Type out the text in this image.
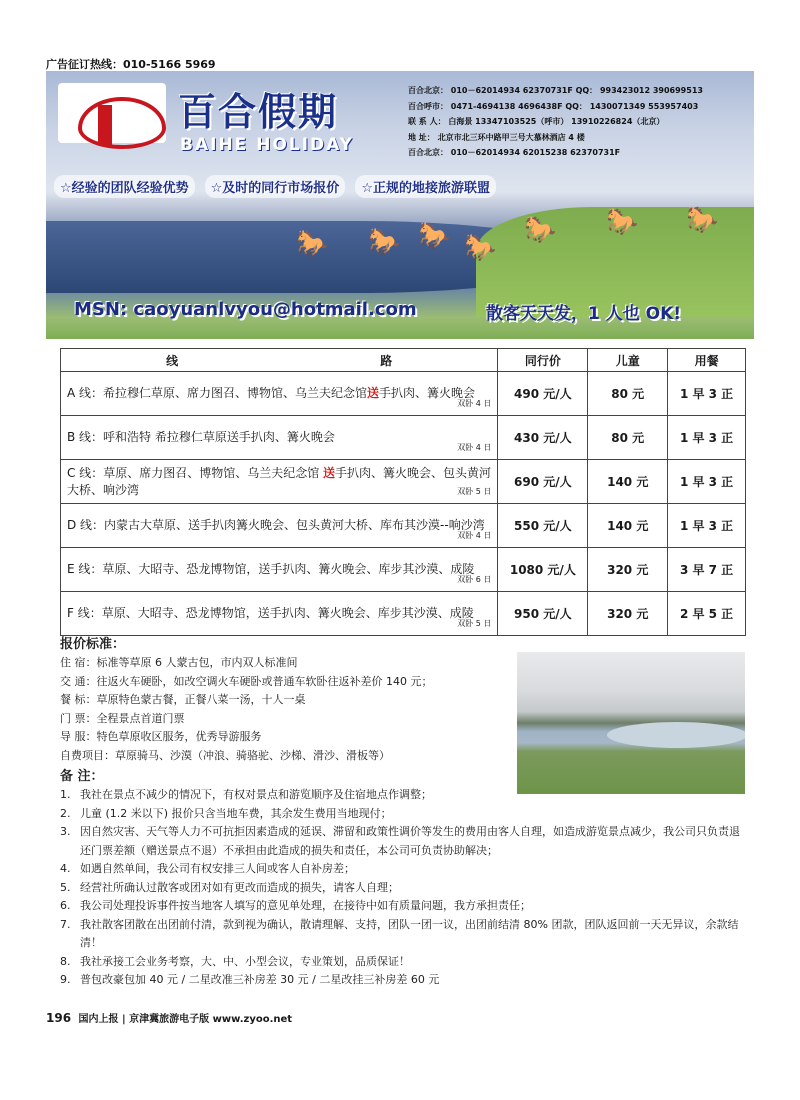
广告征订热线：010-5166 5969
🐎 🐎 🐎 🐎
🐎 🐎 🐎
百合假期
BAIHE HOLIDAY
百合北京： 010－62014934 62370731F QQ： 993423012 390699513
百合呼市： 0471-4694138 4696438F QQ： 1430071349 553957403
联 系 人： 白海景 13347103525（呼市） 13910226824（北京）
地 址： 北京市北三环中路甲三号大慕林酒店 4 楼
百合北京： 010－62014934 62015238 62370731F
☆经验的团队经验优势	☆及时的同行市场报价	☆正规的地接旅游联盟
MSN: caoyuanlvyou@hotmail.com	散客天天发，1 人也 OK!
线 路	同行价	儿童	用餐
A 线：希拉穆仁草原、席力图召、博物馆、乌兰夫纪念馆送手扒肉、篝火晚会
双卧 4 日	490 元/人	80 元	1 早 3 正
B 线：呼和浩特 希拉穆仁草原送手扒肉、篝火晚会
双卧 4 日	430 元/人	80 元	1 早 3 正
C 线：草原、席力图召、博物馆、乌兰夫纪念馆 送手扒肉、篝火晚会、包头黄河大桥、响沙湾 双卧 5 日	690 元/人	140 元	1 早 3 正
D 线：内蒙古大草原、送手扒肉篝火晚会、包头黄河大桥、库布其沙漠--响沙湾
双卧 4 日	550 元/人	140 元	1 早 3 正
E 线：草原、大昭寺、恐龙博物馆，送手扒肉、篝火晚会、库步其沙漠、成陵
双卧 6 日	1080 元/人	320 元	3 早 7 正
F 线：草原、大昭寺、恐龙博物馆，送手扒肉、篝火晚会、库步其沙漠、成陵
双卧 5 日	950 元/人	320 元	2 早 5 正
报价标准：
住 宿：标准等草原 6 人蒙古包，市内双人标准间
交 通：往返火车硬卧，如改空调火车硬卧或普通车软卧往返补差价 140 元；
餐 标：草原特色蒙古餐，正餐八菜一汤，十人一桌
门 票：全程景点首道门票
导 服：特色草原收区服务，优秀导游服务
自费项目：草原骑马、沙漠（冲浪、骑骆驼、沙梯、滑沙、滑板等）
备 注：
1. 我社在景点不减少的情况下，有权对景点和游览顺序及住宿地点作调整；
2. 儿童 (1.2 米以下) 报价只含当地车费，其余发生费用当地现付；
3. 因自然灾害、天气等人力不可抗拒因素造成的延误、滞留和政策性调价等发生的费用由客人自理，如造成游览景点减少，我公司只负责退还门票差额（赠送景点不退）不承担由此造成的损失和责任，本公司可负责协助解决；
4. 如遇自然单间，我公司有权安排三人间或客人自补房差；
5. 经营社所确认过散客或团对如有更改而造成的损失，请客人自理；
6. 我公司处理投诉事件按当地客人填写的意见单处理，在接待中如有质量问题，我方承担责任；
7. 我社散客团散在出团前付清，款到视为确认，散请理解、支持，团队一团一议，出团前结清 80% 团款，团队返回前一天无异议，余款结清！
8. 我社承接工会业务考察，大、中、小型会议，专业策划，品质保证！
9. 普包改豪包加 40 元 / 二星改准三补房差 30 元 / 二星改挂三补房差 60 元
196 国内上报 | 京津冀旅游电子版 www.zyoo.net
